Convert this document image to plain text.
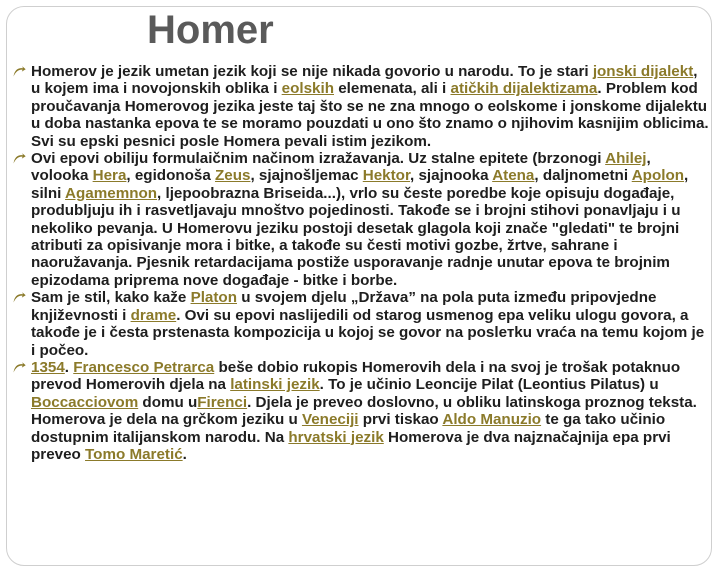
Homer

Homerov je jezik umetan jezik koji se nije nikada govorio u narodu. To je stari jonski dijalekt, u kojem ima i novojonskih oblika i eolskih elemenata, ali i atičkih dijalektizama. Problem kod proučavanja Homerovog jezika jeste taj što se ne zna mnogo o eolskome i jonskome dijalektu u doba nastanka epova te se moramo pouzdati u ono što znamo o njihovim kasnijim oblicima. Svi su epski pesnici posle Homera pevali istim jezikom.

Ovi epovi obiliju formulaičnim načinom izražavanja. Uz stalne epitete (brzonogi Ahilej, volooka Hera, egidonoša Zeus, sjajnošljemac Hektor, sjajnooka Atena, daljnometni Apolon, silni Agamemnon, ljepoobrazna Briseida...), vrlo su česte poredbe koje opisuju događaje, produbljuju ih i rasvetljavaju mnoštvo pojedinosti. Takođe se i brojni stihovi ponavljaju i u nekoliko pevanja. U Homerovu jeziku postoji desetak glagola koji znače "gledati" te brojni atributi za opisivanje mora i bitke, a takođe su česti motivi gozbe, žrtve, sahrane i naoružavanja. Pjesnik retardacijama postiže usporavanje radnje unutar epova te brojnim epizodama priprema nove događaje - bitke i borbe.

Sam je stil, kako kaže Platon u svojem djelu „Država” na pola puta između pripovjedne književnosti i drame. Ovi su epovi naslijedili od starog usmenog epa veliku ulogu govora, a takođe je i česta prstenasta kompozicija u kojoj se govor na poslетku vraća na temu kojom je i počeo.

1354. Francesco Petrarca beše dobio rukopis Homerovih dela i na svoj je trošak potaknuo prevod Homerovih djela na latinski jezik. To je učinio Leoncije Pilat (Leontius Pilatus) u Boccacciovom domu uFirenci. Djela je preveo doslovno, u obliku latinskoga proznog teksta. Homerova je dela na grčkom jeziku u Veneciji prvi tiskao Aldo Manuzio te ga tako učinio dostupnim italijanskom narodu. Na hrvatski jezik Homerova je dva najznačajnija epa prvi preveo Tomo Maretić.
